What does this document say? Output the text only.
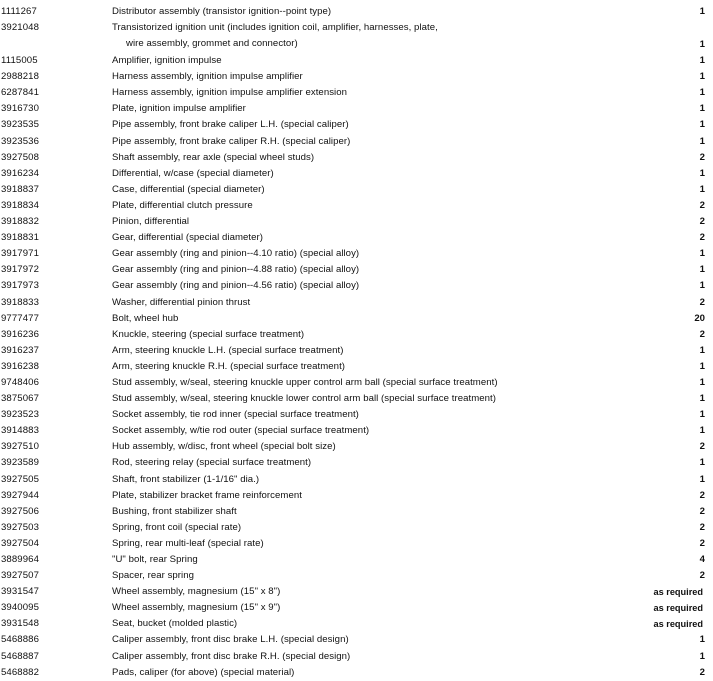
1111267	Distributor assembly (transistor ignition--point type)	1
3921048	Transistorized ignition unit (includes ignition coil, amplifier, harnesses, plate,
wire assembly, grommet and connector)	1
1115005	Amplifier, ignition impulse	1
2988218	Harness assembly, ignition impulse amplifier	1
6287841	Harness assembly, ignition impulse amplifier extension	1
3916730	Plate, ignition impulse amplifier	1
3923535	Pipe assembly, front brake caliper L.H. (special caliper)	1
3923536	Pipe assembly, front brake caliper R.H. (special caliper)	1
3927508	Shaft assembly, rear axle (special wheel studs)	2
3916234	Differential, w/case (special diameter)	1
3918837	Case, differential (special diameter)	1
3918834	Plate, differential clutch pressure	2
3918832	Pinion, differential	2
3918831	Gear, differential (special diameter)	2
3917971	Gear assembly (ring and pinion--4.10 ratio) (special alloy)	1
3917972	Gear assembly (ring and pinion--4.88 ratio) (special alloy)	1
3917973	Gear assembly (ring and pinion--4.56 ratio) (special alloy)	1
3918833	Washer, differential pinion thrust	2
9777477	Bolt, wheel hub	20
3916236	Knuckle, steering (special surface treatment)	2
3916237	Arm, steering knuckle L.H. (special surface treatment)	1
3916238	Arm, steering knuckle R.H. (special surface treatment)	1
9748406	Stud assembly, w/seal, steering knuckle upper control arm ball (special surface treatment)	1
3875067	Stud assembly, w/seal, steering knuckle lower control arm ball (special surface treatment)	1
3923523	Socket assembly, tie rod inner (special surface treatment)	1
3914883	Socket assembly, w/tie rod outer (special surface treatment)	1
3927510	Hub assembly, w/disc, front wheel (special bolt size)	2
3923589	Rod, steering relay (special surface treatment)	1
3927505	Shaft, front stabilizer (1-1/16" dia.)	1
3927944	Plate, stabilizer bracket frame reinforcement	2
3927506	Bushing, front stabilizer shaft	2
3927503	Spring, front coil (special rate)	2
3927504	Spring, rear multi-leaf (special rate)	2
3889964	"U" bolt, rear Spring	4
3927507	Spacer, rear spring	2
3931547	Wheel assembly, magnesium (15" x 8")	as required
3940095	Wheel assembly, magnesium (15" x 9")	as required
3931548	Seat, bucket (molded plastic)	as required
5468886	Caliper assembly, front disc brake L.H. (special design)	1
5468887	Caliper assembly, front disc brake R.H. (special design)	1
5468882	Pads, caliper (for above) (special material)	2
